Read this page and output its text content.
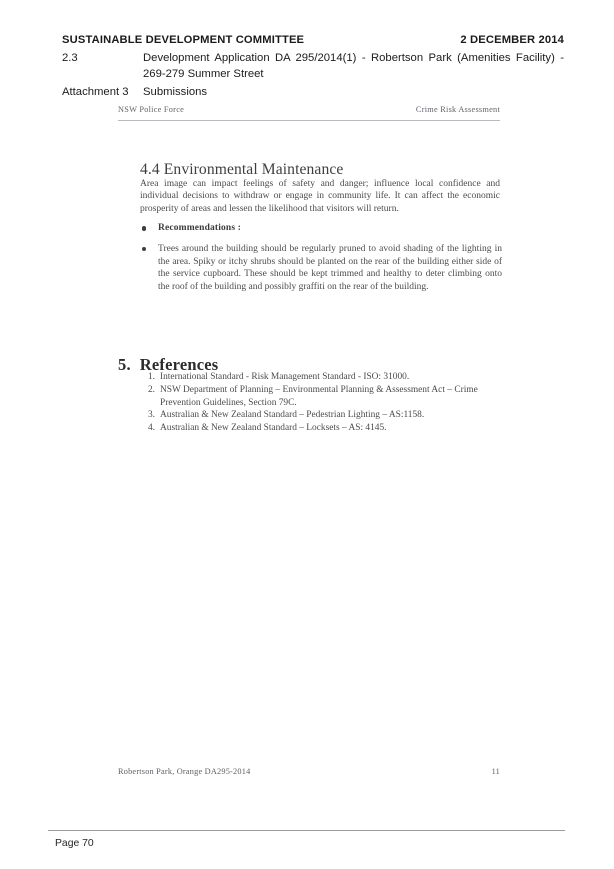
SUSTAINABLE DEVELOPMENT COMMITTEE	2 DECEMBER 2014
2.3	Development Application DA 295/2014(1) - Robertson Park (Amenities Facility) - 269-279 Summer Street
Attachment 3	Submissions
NSW Police Force	Crime Risk Assessment
4.4 Environmental Maintenance

Area image can impact feelings of safety and danger; influence local confidence and individual decisions to withdraw or engage in community life. It can affect the economic prosperity of areas and lessen the likelihood that visitors will return.

Recommendations :
Trees around the building should be regularly pruned to avoid shading of the lighting in the area. Spiky or itchy shrubs should be planted on the rear of the building either side of the service cupboard. These should be kept trimmed and healthy to deter climbing onto the roof of the building and possibly graffiti on the rear of the building.
5. References
1. International Standard - Risk Management Standard - ISO: 31000.
2. NSW Department of Planning – Environmental Planning & Assessment Act – Crime Prevention Guidelines, Section 79C.
3. Australian & New Zealand Standard – Pedestrian Lighting – AS:1158.
4. Australian & New Zealand Standard – Locksets – AS: 4145.
Robertson Park, Orange DA295-2014	11
Page 70
